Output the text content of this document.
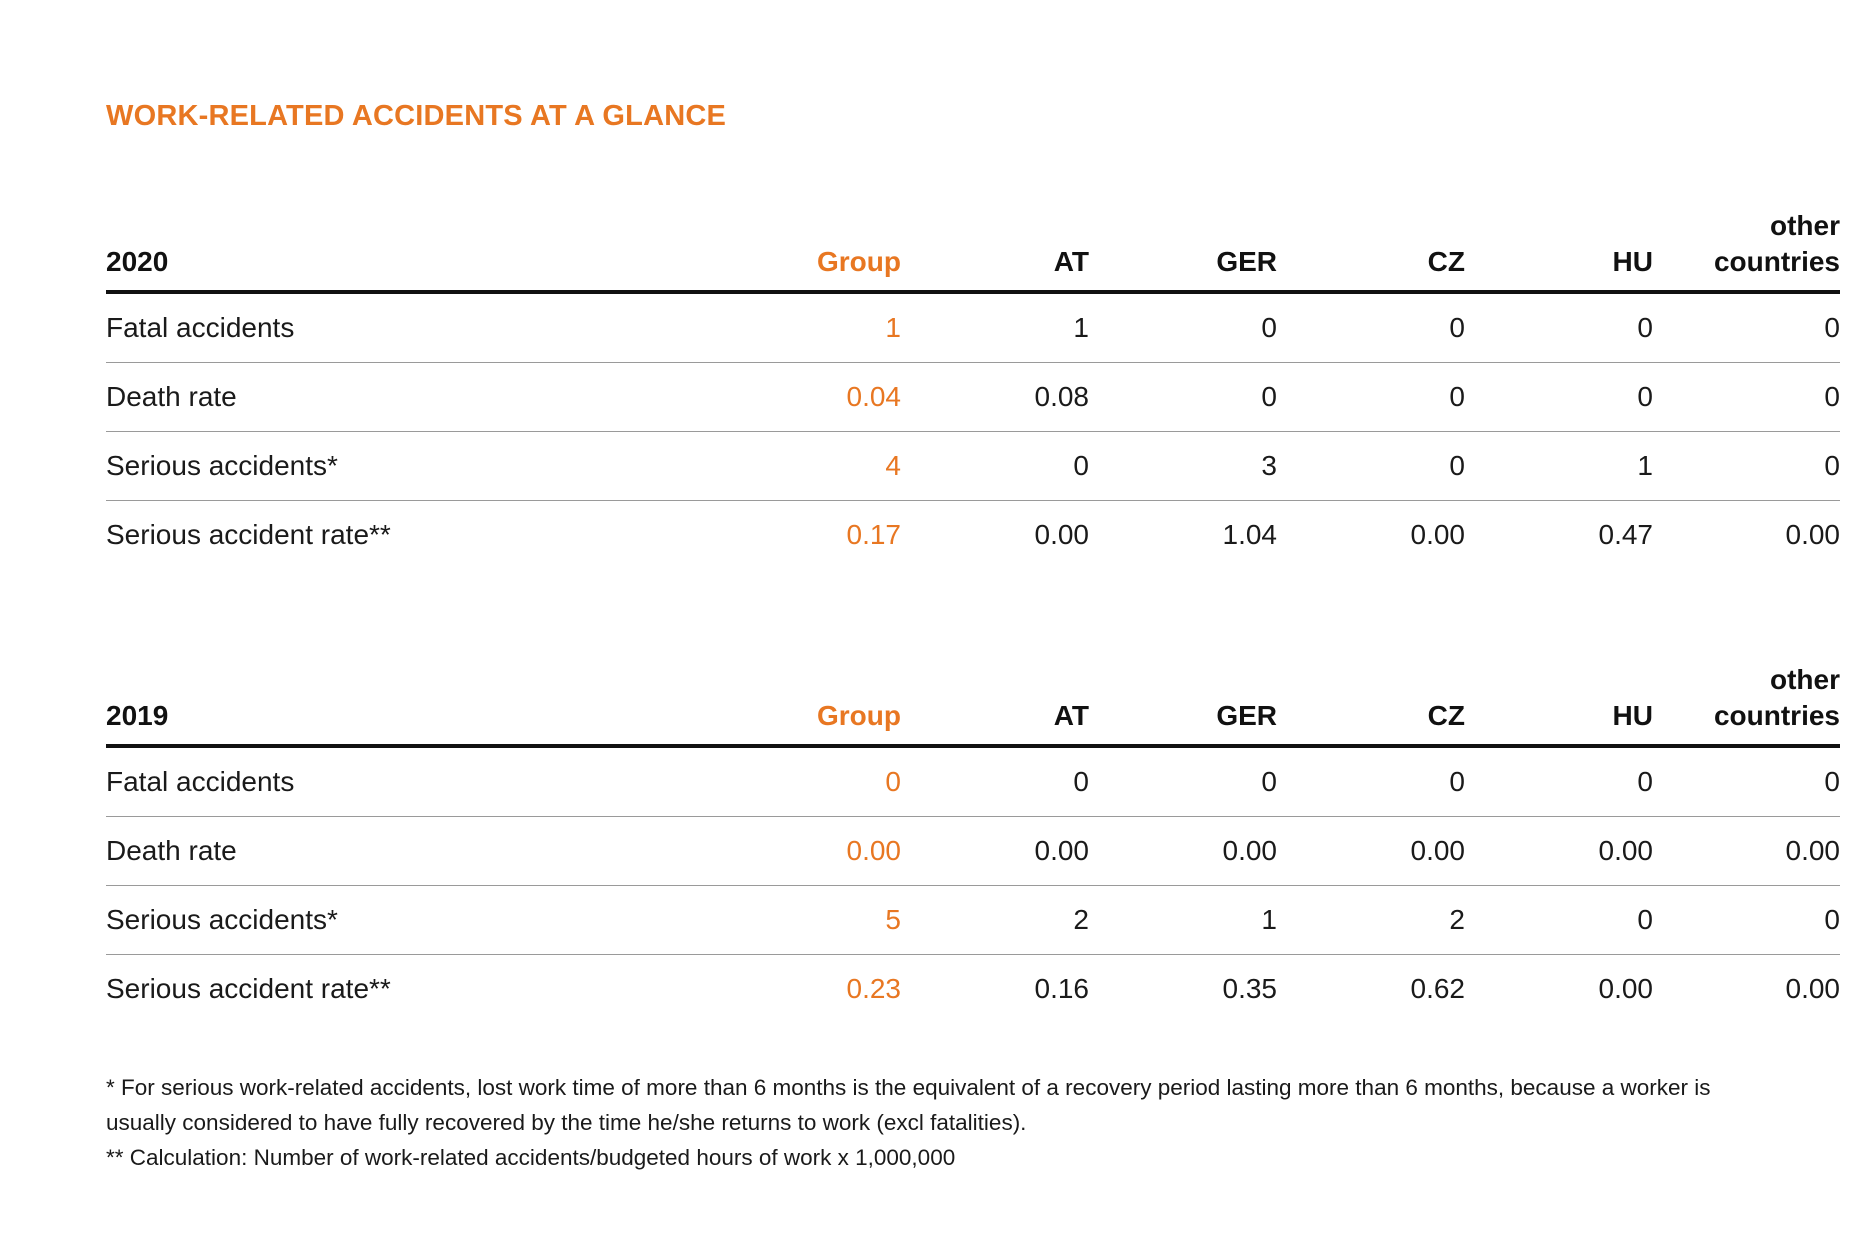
WORK-RELATED ACCIDENTS AT A GLANCE
2020	Group	AT	GER	CZ	HU	other countries
Fatal accidents	1	1	0	0	0	0
Death rate	0.04	0.08	0	0	0	0
Serious accidents*	4	0	3	0	1	0
Serious accident rate**	0.17	0.00	1.04	0.00	0.47	0.00
2019	Group	AT	GER	CZ	HU	other countries
Fatal accidents	0	0	0	0	0	0
Death rate	0.00	0.00	0.00	0.00	0.00	0.00
Serious accidents*	5	2	1	2	0	0
Serious accident rate**	0.23	0.16	0.35	0.62	0.00	0.00

* For serious work-related accidents, lost work time of more than 6 months is the equivalent of a recovery period lasting more than 6 months, because a worker is usually considered to have fully recovered by the time he/she returns to work (excl fatalities).

** Calculation: Number of work-related accidents/budgeted hours of work x 1,000,000
